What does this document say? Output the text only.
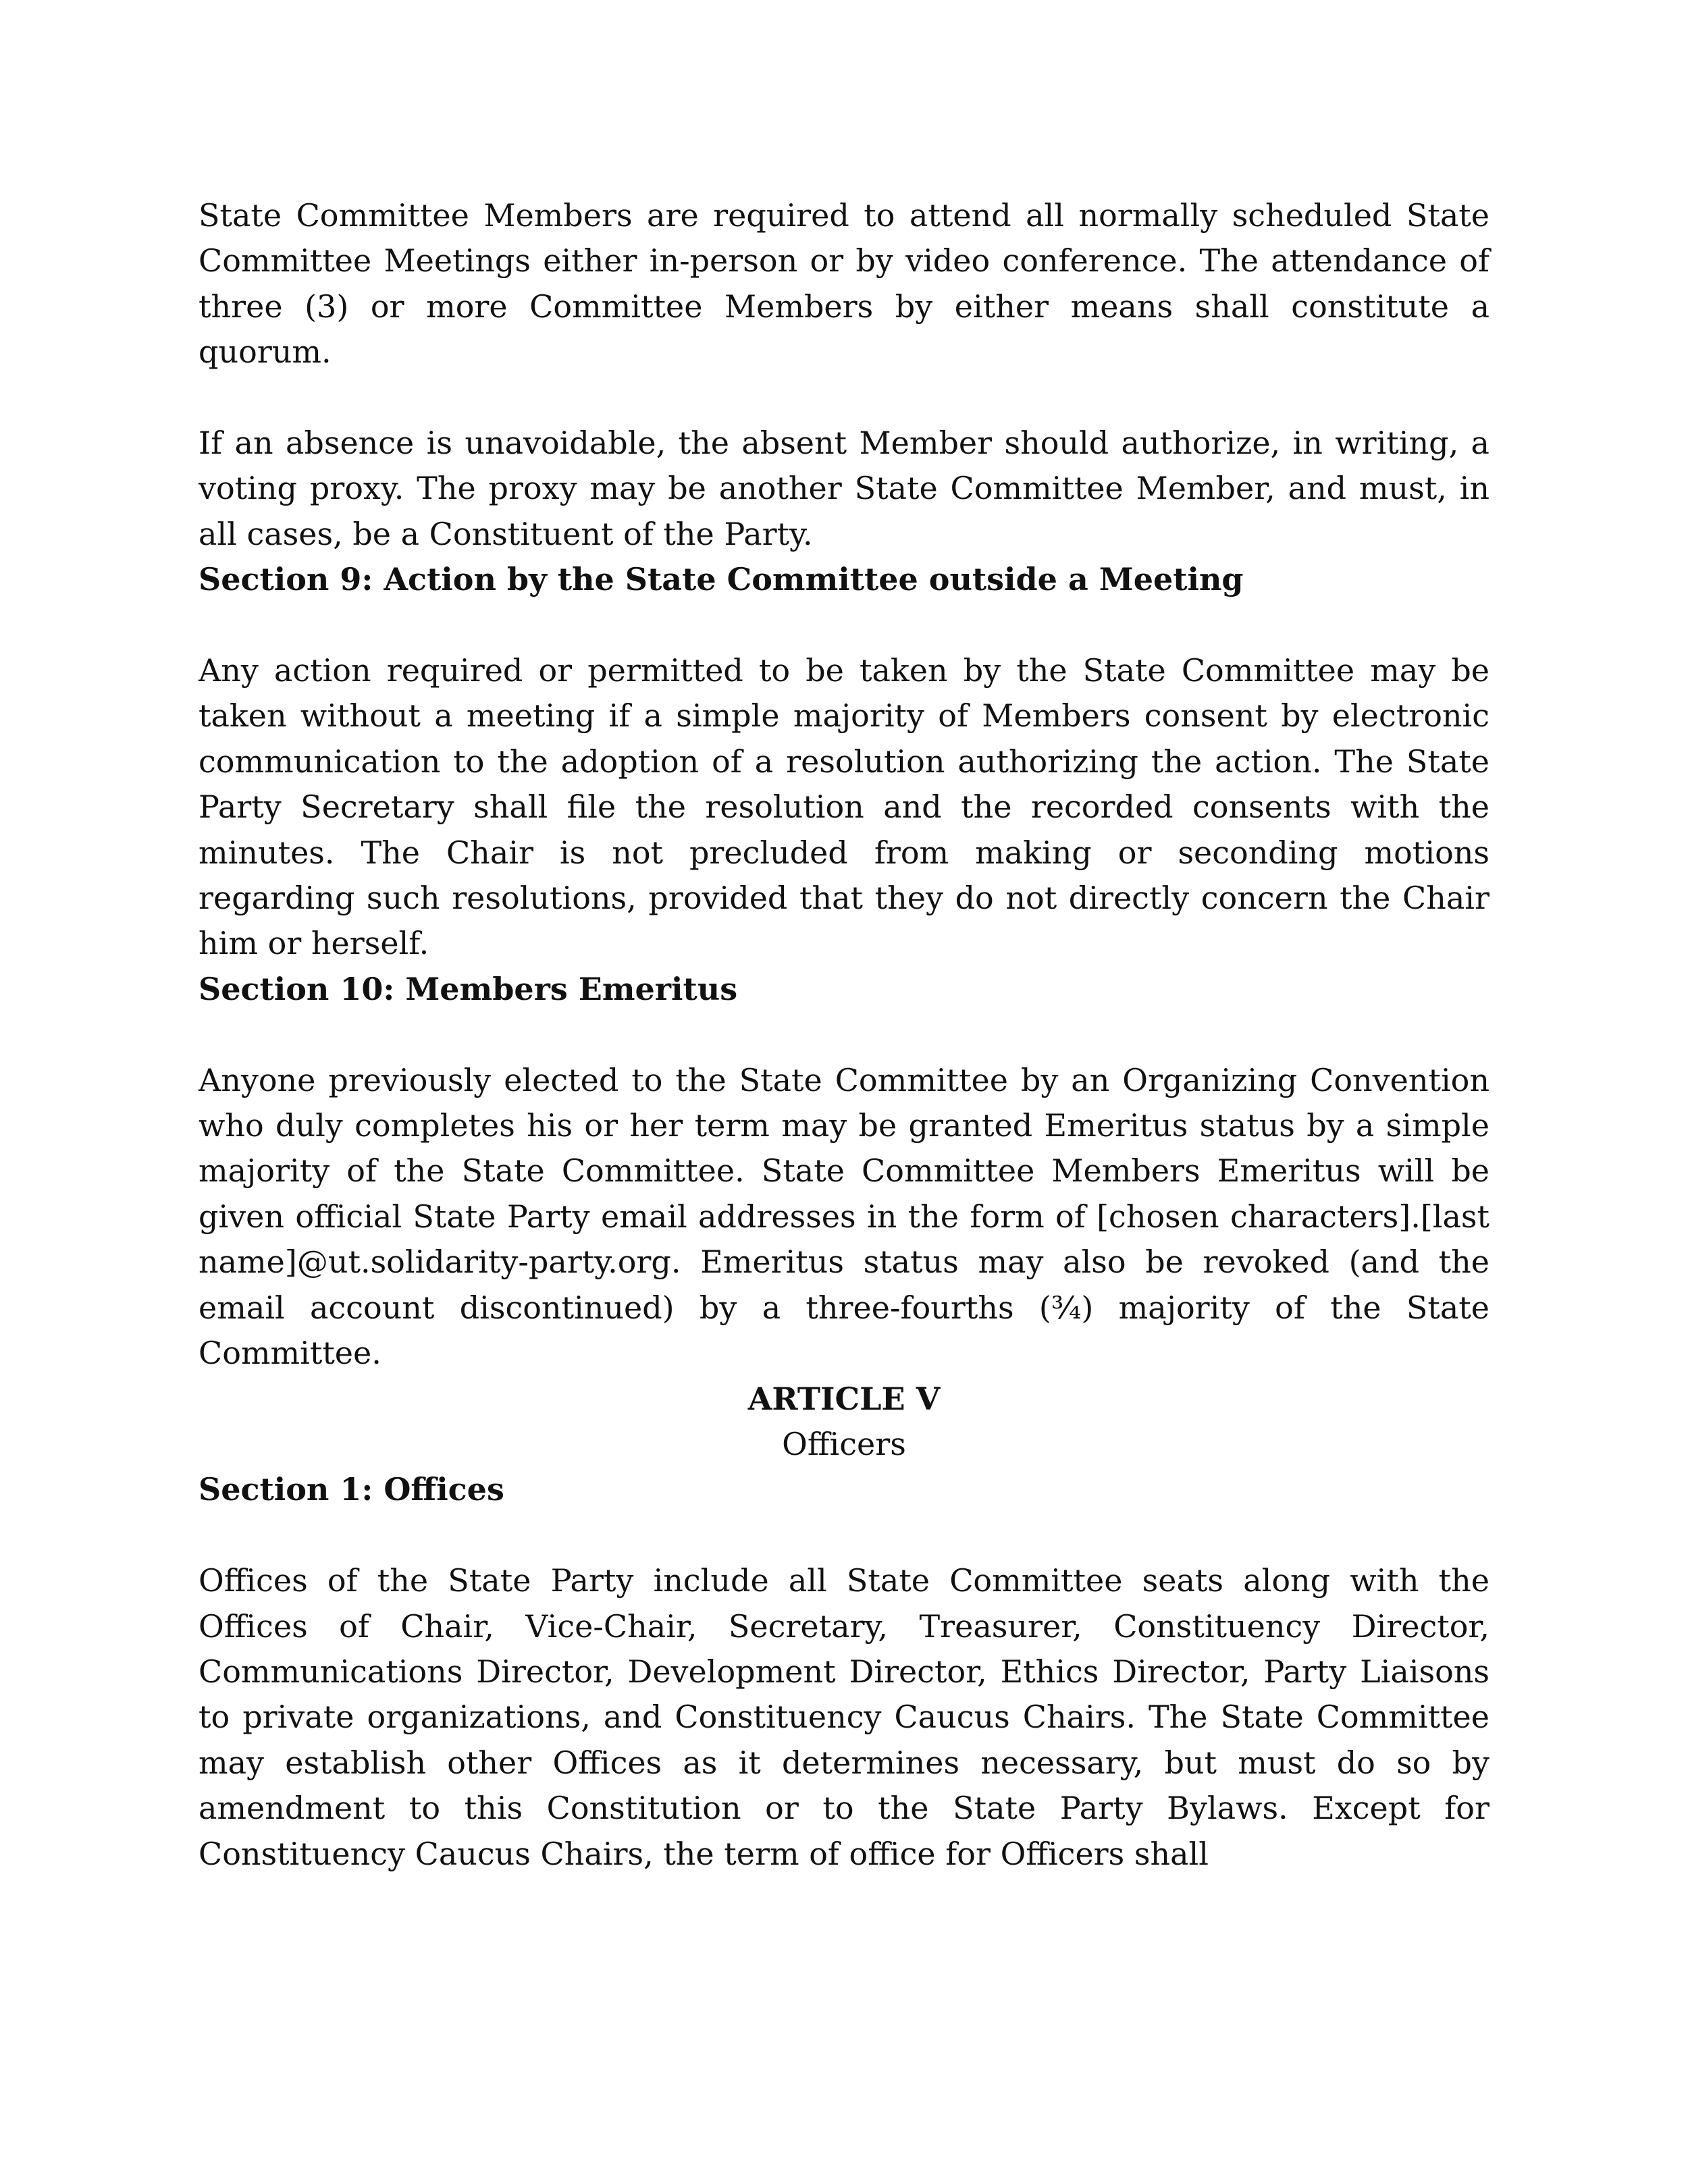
State Committee Members are required to attend all normally scheduled State Committee Meetings either in-person or by video conference. The attendance of three (3) or more Committee Members by either means shall constitute a quorum.

If an absence is unavoidable, the absent Member should authorize, in writing, a voting proxy. The proxy may be another State Committee Member, and must, in all cases, be a Constituent of the Party.

Section 9: Action by the State Committee outside a Meeting

Any action required or permitted to be taken by the State Committee may be taken without a meeting if a simple majority of Members consent by electronic communication to the adoption of a resolution authorizing the action. The State Party Secretary shall file the resolution and the recorded consents with the minutes. The Chair is not precluded from making or seconding motions regarding such resolutions, provided that they do not directly concern the Chair him or herself.

Section 10: Members Emeritus

Anyone previously elected to the State Committee by an Organizing Convention who duly completes his or her term may be granted Emeritus status by a simple majority of the State Committee. State Committee Members Emeritus will be given official State Party email addresses in the form of [chosen characters].[last name]@ut.solidarity-party.org. Emeritus status may also be revoked (and the email account discontinued) by a three-fourths (¾) majority of the State Committee.

ARTICLE V

Officers

Section 1: Offices

Offices of the State Party include all State Committee seats along with the Offices of Chair, Vice-Chair, Secretary, Treasurer, Constituency Director, Communications Director, Development Director, Ethics Director, Party Liaisons to private organizations, and Constituency Caucus Chairs. The State Committee may establish other Offices as it determines necessary, but must do so by amendment to this Constitution or to the State Party Bylaws. Except for Constituency Caucus Chairs, the term of office for Officers shall
